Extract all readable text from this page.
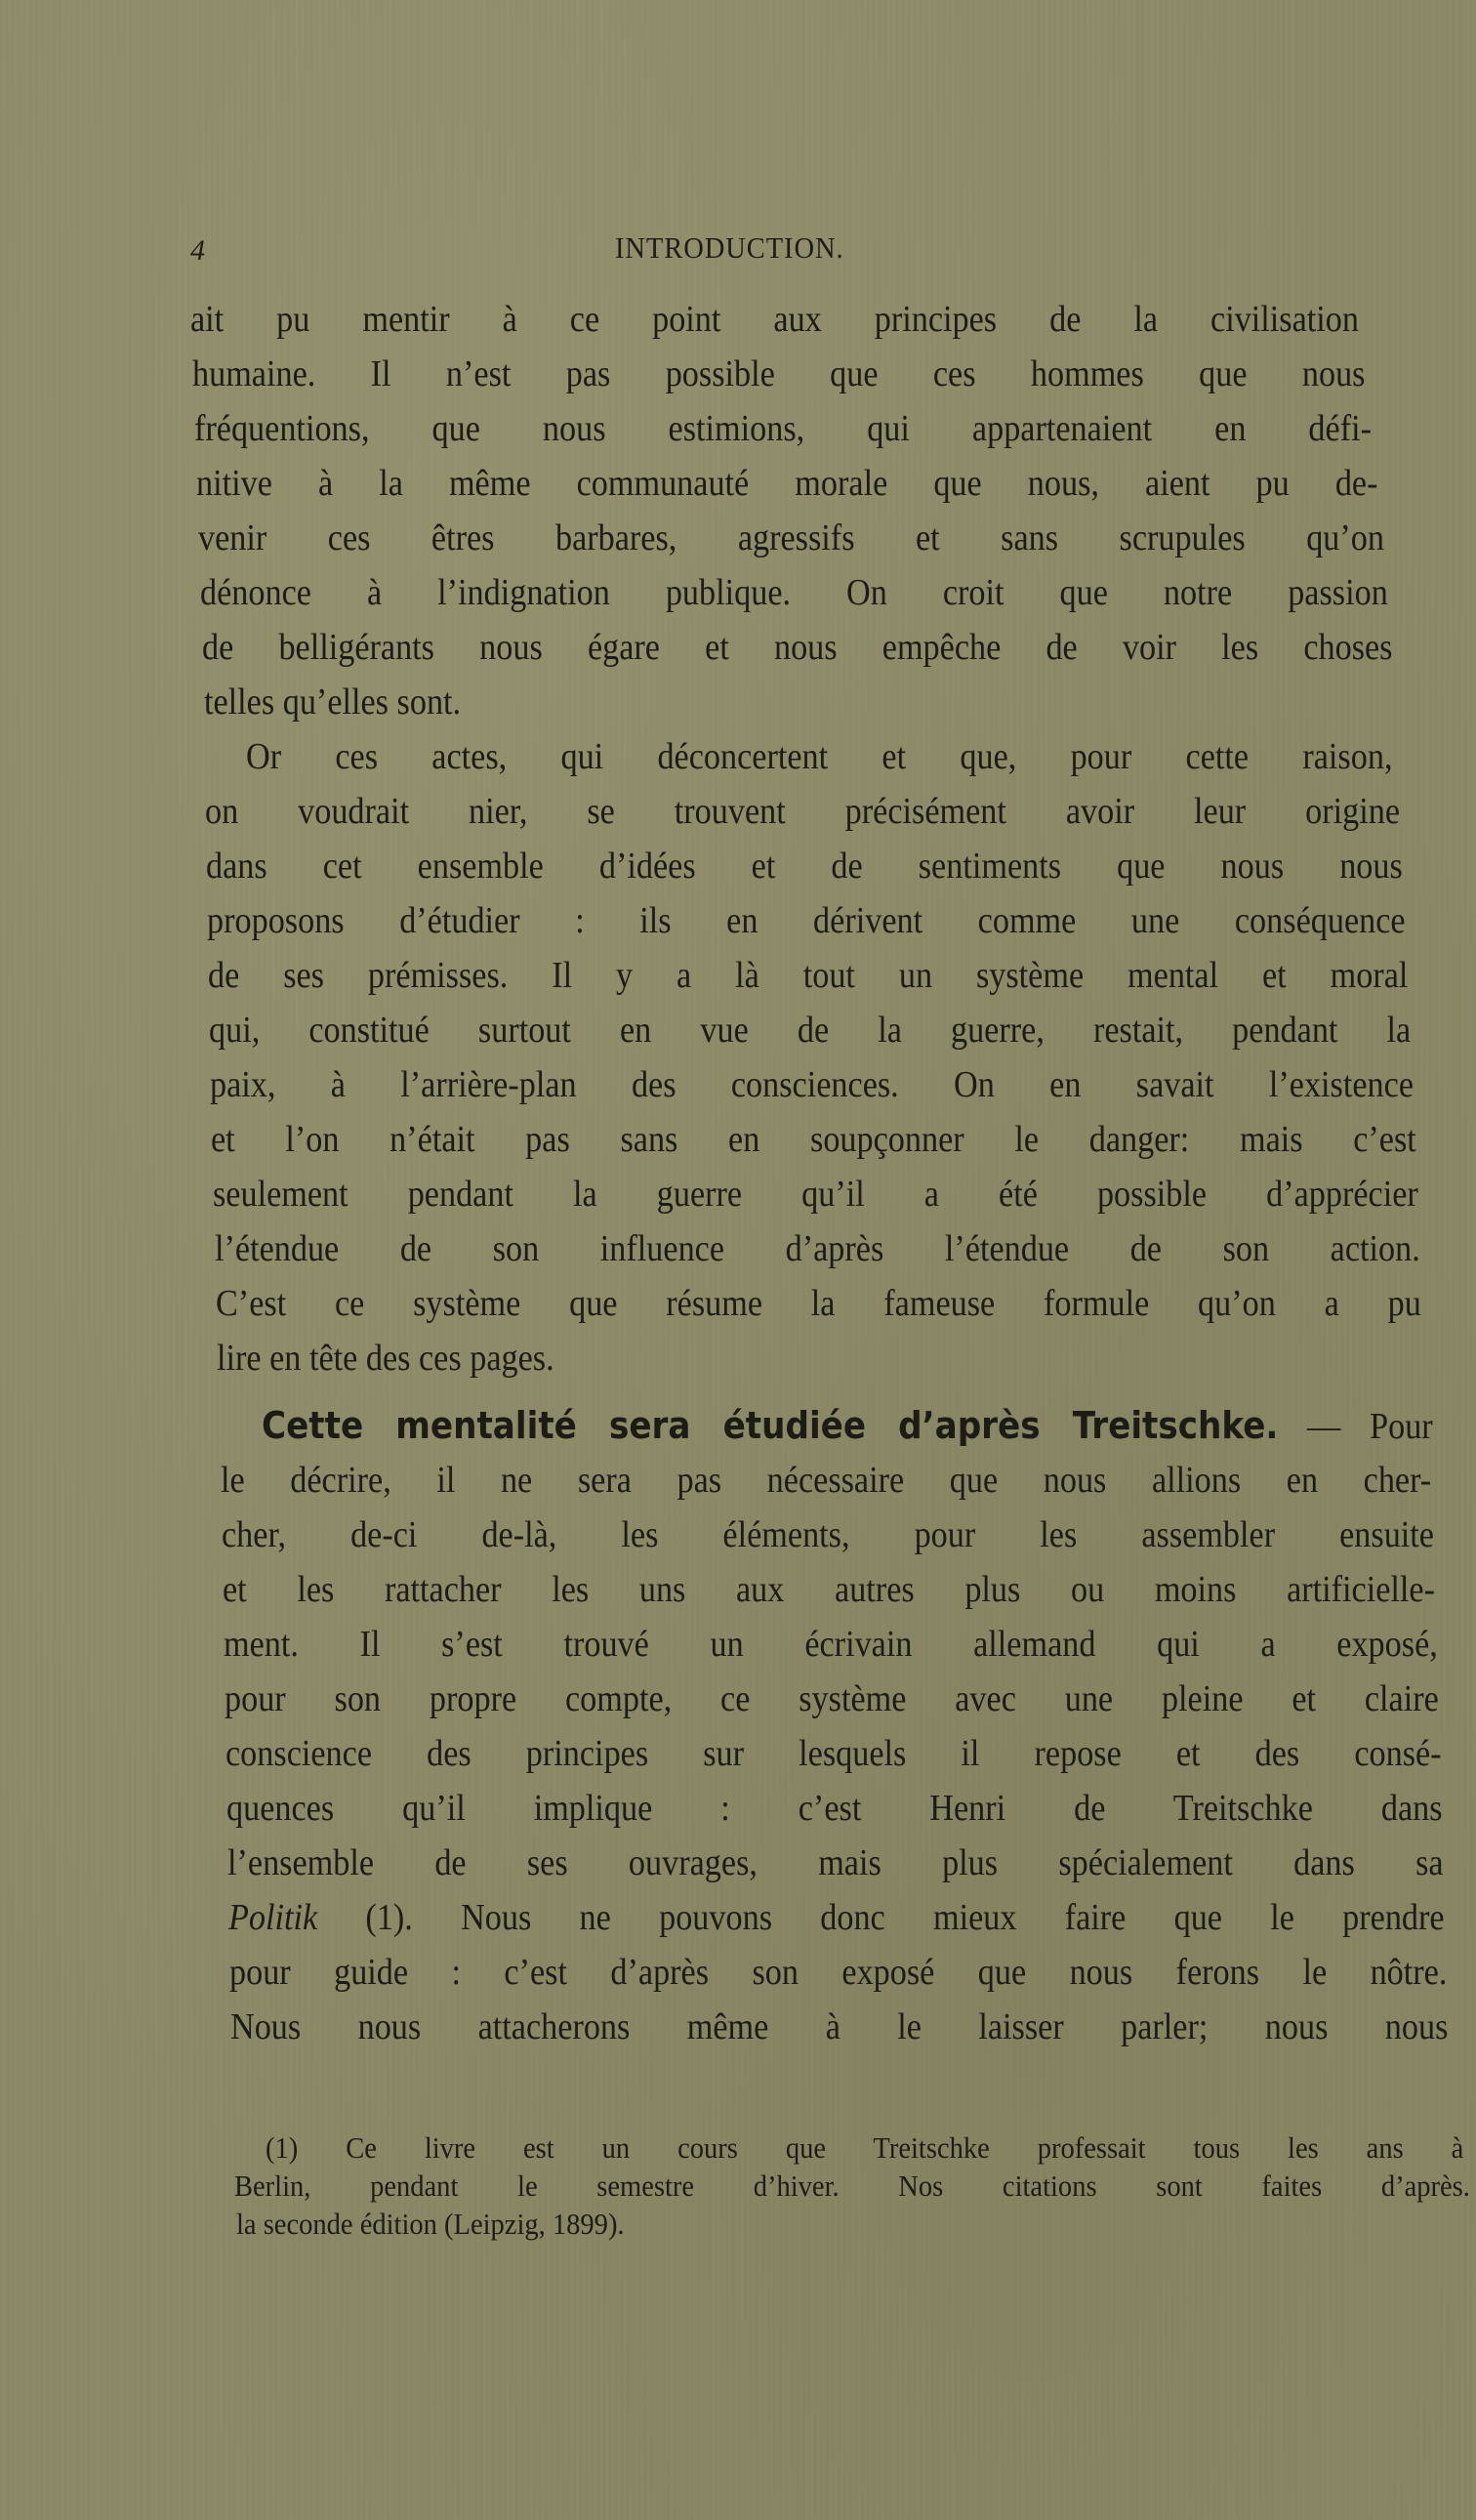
4	INTRODUCTION.
ait pu mentir à ce point aux principes de la civilisation
humaine. Il n’est pas possible que ces hommes que nous
fréquentions, que nous estimions, qui appartenaient en défi-
nitive à la même communauté morale que nous, aient pu de-
venir ces êtres barbares, agressifs et sans scrupules qu’on
dénonce à l’indignation publique. On croit que notre passion
de belligérants nous égare et nous empêche de voir les choses
telles qu’elles sont.
Or ces actes, qui déconcertent et que, pour cette raison,
on voudrait nier, se trouvent précisément avoir leur origine
dans cet ensemble d’idées et de sentiments que nous nous
proposons d’étudier : ils en dérivent comme une conséquence
de ses prémisses. Il y a là tout un système mental et moral
qui, constitué surtout en vue de la guerre, restait, pendant la
paix, à l’arrière-plan des consciences. On en savait l’existence
et l’on n’était pas sans en soupçonner le danger: mais c’est
seulement pendant la guerre qu’il a été possible d’apprécier
l’étendue de son influence d’après l’étendue de son action.
C’est ce système que résume la fameuse formule qu’on a pu
lire en tête des ces pages.
Cette mentalité sera étudiée d’après Treitschke. — Pour
le décrire, il ne sera pas nécessaire que nous allions en cher-
cher, de-ci de-là, les éléments, pour les assembler ensuite
et les rattacher les uns aux autres plus ou moins artificielle-
ment. Il s’est trouvé un écrivain allemand qui a exposé,
pour son propre compte, ce système avec une pleine et claire
conscience des principes sur lesquels il repose et des consé-
quences qu’il implique : c’est Henri de Treitschke dans
l’ensemble de ses ouvrages, mais plus spécialement dans sa
Politik (1). Nous ne pouvons donc mieux faire que le prendre
pour guide : c’est d’après son exposé que nous ferons le nôtre.
Nous nous attacherons même à le laisser parler; nous nous
(1) Ce livre est un cours que Treitschke professait tous les ans à
Berlin, pendant le semestre d’hiver. Nos citations sont faites d’après.
la seconde édition (Leipzig, 1899).
